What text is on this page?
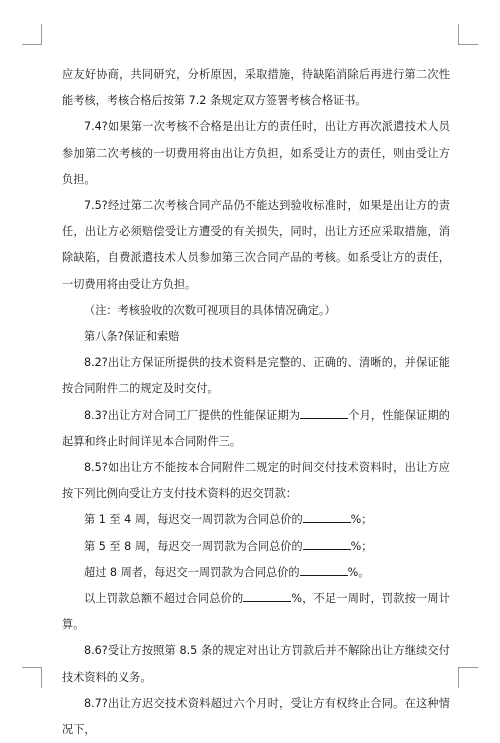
应友好协商，共同研究，分析原因，采取措施，待缺陷消除后再进行第二次性能考核，考核合格后按第 7.2 条规定双方签署考核合格证书。

7.4?如果第一次考核不合格是出让方的责任时，出让方再次派遣技术人员参加第二次考核的一切费用将由出让方负担，如系受让方的责任，则由受让方负担。

7.5?经过第二次考核合同产品仍不能达到验收标准时，如果是出让方的责任，出让方必须赔偿受让方遭受的有关损失，同时，出让方还应采取措施，消除缺陷，自费派遣技术人员参加第三次合同产品的考核。如系受让方的责任，一切费用将由受让方负担。

（注：考核验收的次数可视项目的具体情况确定。）

第八条?保证和索赔

8.2?出让方保证所提供的技术资料是完整的、正确的、清晰的，并保证能按合同附件二的规定及时交付。

8.3?出让方对合同工厂提供的性能保证期为	个月，性能保证期的起算和终止时间详见本合同附件三。

8.5?如出让方不能按本合同附件二规定的时间交付技术资料时，出让方应按下列比例向受让方支付技术资料的迟交罚款：

第 1 至 4 周，每迟交一周罚款为合同总价的	%；

第 5 至 8 周，每迟交一周罚款为合同总价的	%；

超过 8 周者，每迟交一周罚款为合同总价的	%。

以上罚款总额不超过合同总价的	%，不足一周时，罚款按一周计算。

8.6?受让方按照第 8.5 条的规定对出让方罚款后并不解除出让方继续交付技术资料的义务。

8.7?出让方迟交技术资料超过六个月时，受让方有权终止合同。在这种情况下，
